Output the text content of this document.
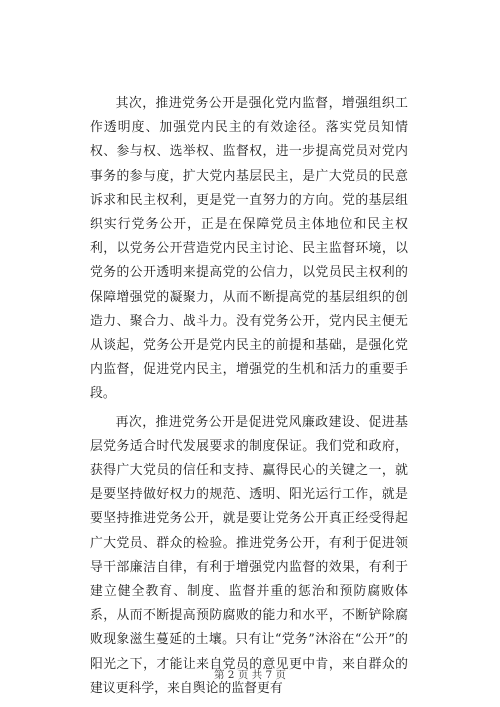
其次，推进党务公开是强化党内监督，增强组织工作透明度、加强党内民主的有效途径。落实党员知情权、参与权、选举权、监督权，进一步提高党员对党内事务的参与度，扩大党内基层民主，是广大党员的民意诉求和民主权利，更是党一直努力的方向。党的基层组织实行党务公开，正是在保障党员主体地位和民主权利，以党务公开营造党内民主讨论、民主监督环境，以党务的公开透明来提高党的公信力，以党员民主权利的保障增强党的凝聚力，从而不断提高党的基层组织的创造力、聚合力、战斗力。没有党务公开，党内民主便无从谈起，党务公开是党内民主的前提和基础，是强化党内监督，促进党内民主，增强党的生机和活力的重要手段。

再次，推进党务公开是促进党风廉政建设、促进基层党务适合时代发展要求的制度保证。我们党和政府，获得广大党员的信任和支持、赢得民心的关键之一，就是要坚持做好权力的规范、透明、阳光运行工作，就是要坚持推进党务公开，就是要让党务公开真正经受得起广大党员、群众的检验。推进党务公开，有利于促进领导干部廉洁自律，有利于增强党内监督的效果，有利于建立健全教育、制度、监督并重的惩治和预防腐败体系，从而不断提高预防腐败的能力和水平，不断铲除腐败现象滋生蔓延的土壤。只有让“党务”沐浴在“公开”的阳光之下，才能让来自党员的意见更中肯，来自群众的建议更科学，来自舆论的监督更有

第 2 页 共 7 页
